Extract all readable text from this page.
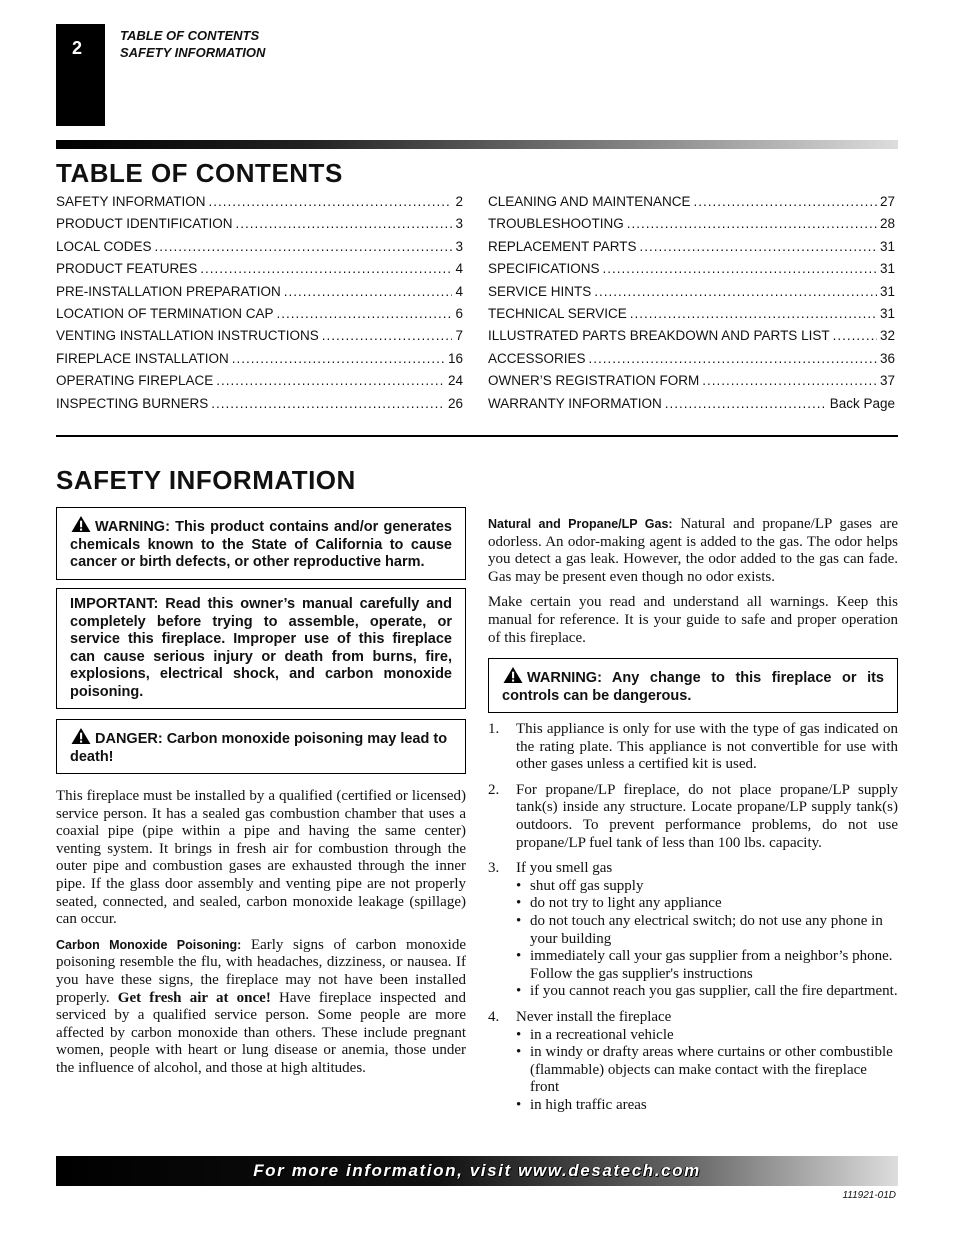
2
TABLE OF CONTENTS
SAFETY INFORMATION
TABLE OF CONTENTS
SAFETY INFORMATION .....	2
PRODUCT IDENTIFICATION .....	3
LOCAL CODES .....	3
PRODUCT FEATURES .....	4
PRE-INSTALLATION PREPARATION .....	4
LOCATION OF TERMINATION CAP .....	6
VENTING INSTALLATION INSTRUCTIONS .....	7
FIREPLACE INSTALLATION .....	16
OPERATING FIREPLACE .....	24
INSPECTING BURNERS .....	26
CLEANING AND MAINTENANCE .....	27
TROUBLESHOOTING .....	28
REPLACEMENT PARTS .....	31
SPECIFICATIONS .....	31
SERVICE HINTS .....	31
TECHNICAL SERVICE .....	31
ILLUSTRATED PARTS BREAKDOWN AND PARTS LIST .....	32
ACCESSORIES .....	36
OWNER’S REGISTRATION FORM .....	37
WARRANTY INFORMATION .....	Back Page
SAFETY INFORMATION

WARNING: This product contains and/or generates chemicals known to the State of California to cause cancer or birth defects, or other reproductive harm.

IMPORTANT: Read this owner’s manual carefully and completely before trying to assemble, operate, or service this fireplace. Improper use of this fireplace can cause serious injury or death from burns, fire, explosions, electrical shock, and carbon monoxide poisoning.

DANGER: Carbon monoxide poisoning may lead to death!

This fireplace must be installed by a qualified (certified or licensed) service person. It has a sealed gas combustion chamber that uses a coaxial pipe (pipe within a pipe and having the same center) venting system. It brings in fresh air for combustion through the outer pipe and combustion gases are exhausted through the inner pipe. If the glass door assembly and venting pipe are not properly seated, connected, and sealed, carbon monoxide leakage (spillage) can occur.

Carbon Monoxide Poisoning: Early signs of carbon monoxide poisoning resemble the flu, with headaches, dizziness, or nausea. If you have these signs, the fireplace may not have been installed properly. Get fresh air at once! Have fireplace inspected and serviced by a qualified service person. Some people are more affected by carbon monoxide than others. These include pregnant women, people with heart or lung disease or anemia, those under the influence of alcohol, and those at high altitudes.

Natural and Propane/LP Gas: Natural and propane/LP gases are odorless. An odor-making agent is added to the gas. The odor helps you detect a gas leak. However, the odor added to the gas can fade. Gas may be present even though no odor exists.

Make certain you read and understand all warnings. Keep this manual for reference. It is your guide to safe and proper operation of this fireplace.

WARNING: Any change to this fireplace or its controls can be dangerous.

1.	This appliance is only for use with the type of gas indicated on the rating plate. This appliance is not convertible for use with other gases unless a certified kit is used.
2.	For propane/LP fireplace, do not place propane/LP supply tank(s) inside any structure. Locate propane/LP supply tank(s) outdoors. To prevent performance problems, do not use propane/LP fuel tank of less than 100 lbs. capacity.
3.	If you smell gas
• shut off gas supply
• do not try to light any appliance
• do not touch any electrical switch; do not use any phone in your building
• immediately call your gas supplier from a neighbor’s phone. Follow the gas supplier's instructions
• if you cannot reach you gas supplier, call the fire department.
4.	Never install the fireplace
• in a recreational vehicle
• in windy or drafty areas where curtains or other combustible (flammable) objects can make contact with the fireplace front
• in high traffic areas
For more information, visit www.desatech.com
111921-01D
